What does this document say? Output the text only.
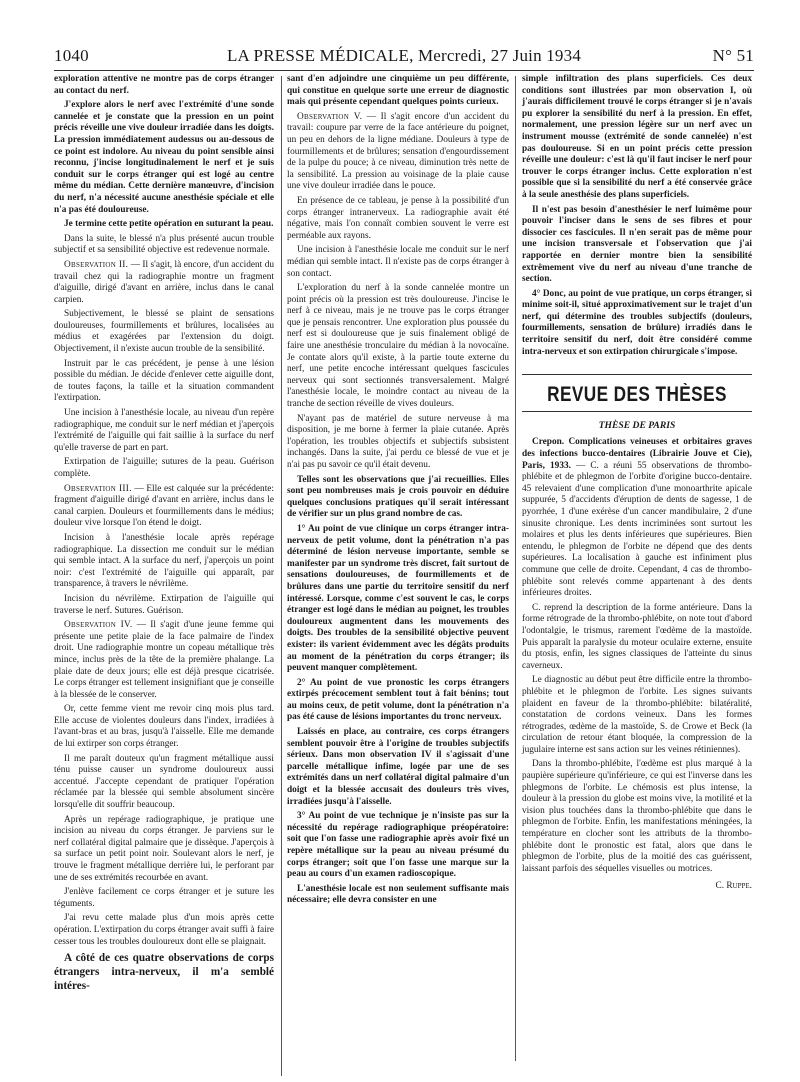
1040	LA PRESSE MÉDICALE, Mercredi, 27 Juin 1934	N° 51

exploration attentive ne montre pas de corps étranger au contact du nerf.

J'explore alors le nerf avec l'extrémité d'une sonde cannelée et je constate que la pression en un point précis réveille une vive douleur irradiée dans les doigts. La pression immédiatement audessus ou au-dessous de ce point est indolore. Au niveau du point sensible ainsi reconnu, j'incise longitudinalement le nerf et je suis conduit sur le corps étranger qui est logé au centre même du médian. Cette dernière manœuvre, d'incision du nerf, n'a nécessité aucune anesthésie spéciale et elle n'a pas été douloureuse.

Je termine cette petite opération en suturant la peau.

Dans la suite, le blessé n'a plus présenté aucun trouble subjectif et sa sensibilité objective est redevenue normale.

Observation II. — Il s'agit, là encore, d'un accident du travail chez qui la radiographie montre un fragment d'aiguille, dirigé d'avant en arrière, inclus dans le canal carpien.

Subjectivement, le blessé se plaint de sensations douloureuses, fourmillements et brûlures, localisées au médius et exagérées par l'extension du doigt. Objectivement, il n'existe aucun trouble de la sensibilité.

Instruit par le cas précédent, je pense à une lésion possible du médian. Je décide d'enlever cette aiguille dont, de toutes façons, la taille et la situation commandent l'extirpation.

Une incision à l'anesthésie locale, au niveau d'un repère radiographique, me conduit sur le nerf médian et j'aperçois l'extrémité de l'aiguille qui fait saillie à la surface du nerf qu'elle traverse de part en part.

Extirpation de l'aiguille; sutures de la peau. Guérison complète.

Observation III. — Elle est calquée sur la précédente: fragment d'aiguille dirigé d'avant en arrière, inclus dans le canal carpien. Douleurs et fourmillements dans le médius; douleur vive lorsque l'on étend le doigt.

Incision à l'anesthésie locale après repérage radiographique. La dissection me conduit sur le médian qui semble intact. A la surface du nerf, j'aperçois un point noir: c'est l'extrémité de l'aiguille qui apparaît, par transparence, à travers le névrilème.

Incision du névrilème. Extirpation de l'aiguille qui traverse le nerf. Sutures. Guérison.

Observation IV. — Il s'agit d'une jeune femme qui présente une petite plaie de la face palmaire de l'index droit. Une radiographie montre un copeau métallique très mince, inclus près de la tête de la première phalange. La plaie date de deux jours; elle est déjà presque cicatrisée. Le corps étranger est tellement insignifiant que je conseille à la blessée de le conserver.

Or, cette femme vient me revoir cinq mois plus tard. Elle accuse de violentes douleurs dans l'index, irradiées à l'avant-bras et au bras, jusqu'à l'aisselle. Elle me demande de lui extirper son corps étranger.

Il me paraît douteux qu'un fragment métallique aussi ténu puisse causer un syndrome douloureux aussi accentué. J'accepte cependant de pratiquer l'opération réclamée par la blessée qui semble absolument sincère lorsqu'elle dit souffrir beaucoup.

Après un repérage radiographique, je pratique une incision au niveau du corps étranger. Je parviens sur le nerf collatéral digital palmaire que je dissèque. J'aperçois à sa surface un petit point noir. Soulevant alors le nerf, je trouve le fragment métallique derrière lui, le perforant par une de ses extrémités recourbée en avant.

J'enlève facilement ce corps étranger et je suture les téguments.

J'ai revu cette malade plus d'un mois après cette opération. L'extirpation du corps étranger avait suffi à faire cesser tous les troubles douloureux dont elle se plaignait.

A côté de ces quatre observations de corps étrangers intra-nerveux, il m'a semblé intéres-

sant d'en adjoindre une cinquième un peu différente, qui constitue en quelque sorte une erreur de diagnostic mais qui présente cependant quelques points curieux.

Observation V. — Il s'agit encore d'un accident du travail: coupure par verre de la face antérieure du poignet, un peu en dehors de la ligne médiane. Douleurs à type de fourmillements et de brûlures; sensation d'engourdissement de la pulpe du pouce; à ce niveau, diminution très nette de la sensibilité. La pression au voisinage de la plaie cause une vive douleur irradiée dans le pouce.

En présence de ce tableau, je pense à la possibilité d'un corps étranger intranerveux. La radiographie avait été négative, mais l'on connaît combien souvent le verre est perméable aux rayons.

Une incision à l'anesthésie locale me conduit sur le nerf médian qui semble intact. Il n'existe pas de corps étranger à son contact.

L'exploration du nerf à la sonde cannelée montre un point précis où la pression est très douloureuse. J'incise le nerf à ce niveau, mais je ne trouve pas le corps étranger que je pensais rencontrer. Une exploration plus poussée du nerf est si douloureuse que je suis finalement obligé de faire une anesthésie tronculaire du médian à la novocaïne. Je contate alors qu'il existe, à la partie toute externe du nerf, une petite encoche intéressant quelques fascicules nerveux qui sont sectionnés transversalement. Malgré l'anesthésie locale, le moindre contact au niveau de la tranche de section réveille de vives douleurs.

N'ayant pas de matériel de suture nerveuse à ma disposition, je me borne à fermer la plaie cutanée. Après l'opération, les troubles objectifs et subjectifs subsistent inchangés. Dans la suite, j'ai perdu ce blessé de vue et je n'ai pas pu savoir ce qu'il était devenu.

Telles sont les observations que j'ai recueillies. Elles sont peu nombreuses mais je crois pouvoir en déduire quelques conclusions pratiques qu'il serait intéressant de vérifier sur un plus grand nombre de cas.

1° Au point de vue clinique un corps étranger intra-nerveux de petit volume, dont la pénétration n'a pas déterminé de lésion nerveuse importante, semble se manifester par un syndrome très discret, fait surtout de sensations douloureuses, de fourmillements et de brûlures dans une partie du territoire sensitif du nerf intéressé. Lorsque, comme c'est souvent le cas, le corps étranger est logé dans le médian au poignet, les troubles douloureux augmentent dans les mouvements des doigts. Des troubles de la sensibilité objective peuvent exister: ils varient évidemment avec les dégâts produits au moment de la pénétration du corps étranger; ils peuvent manquer complètement.

2° Au point de vue pronostic les corps étrangers extirpés précocement semblent tout à fait bénins; tout au moins ceux, de petit volume, dont la pénétration n'a pas été cause de lésions importantes du tronc nerveux.

Laissés en place, au contraire, ces corps étrangers semblent pouvoir être à l'origine de troubles subjectifs sérieux. Dans mon observation IV il s'agissait d'une parcelle métallique infime, logée par une de ses extrémités dans un nerf collatéral digital palmaire d'un doigt et la blessée accusait des douleurs très vives, irradiées jusqu'à l'aisselle.

3° Au point de vue technique je n'insiste pas sur la nécessité du repérage radiographique préopératoire: soit que l'on fasse une radiographie après avoir fixé un repère métallique sur la peau au niveau présumé du corps étranger; soit que l'on fasse une marque sur la peau au cours d'un examen radioscopique.

L'anesthésie locale est non seulement suffisante mais nécessaire; elle devra consister en une

simple infiltration des plans superficiels. Ces deux conditions sont illustrées par mon observation I, où j'aurais difficilement trouvé le corps étranger si je n'avais pu explorer la sensibilité du nerf à la pression. En effet, normalement, une pression légère sur un nerf avec un instrument mousse (extrémité de sonde cannelée) n'est pas douloureuse. Si en un point précis cette pression réveille une douleur: c'est là qu'il faut inciser le nerf pour trouver le corps étranger inclus. Cette exploration n'est possible que si la sensibilité du nerf a été conservée grâce à la seule anesthésie des plans superficiels.

Il n'est pas besoin d'anesthésier le nerf luimême pour pouvoir l'inciser dans le sens de ses fibres et pour dissocier ces fascicules. Il n'en serait pas de même pour une incision transversale et l'observation que j'ai rapportée en dernier montre bien la sensibilité extrêmement vive du nerf au niveau d'une tranche de section.

4° Donc, au point de vue pratique, un corps étranger, si minime soit-il, situé approximativement sur le trajet d'un nerf, qui détermine des troubles subjectifs (douleurs, fourmillements, sensation de brûlure) irradiés dans le territoire sensitif du nerf, doit être considéré comme intra-nerveux et son extirpation chirurgicale s'impose.

REVUE DES THÈSES
THÈSE DE PARIS

Crepon. Complications veineuses et orbitaires graves des infections bucco-dentaires (Librairie Jouve et Cie), Paris, 1933. — C. a réuni 55 observations de thrombo-phlébite et de phlegmon de l'orbite d'origine bucco-dentaire. 45 relevaient d'une complication d'une monoarthrite apicale suppurée, 5 d'accidents d'éruption de dents de sagesse, 1 de pyorrhée, 1 d'une exérèse d'un cancer mandibulaire, 2 d'une sinusite chronique. Les dents incriminées sont surtout les molaires et plus les dents inférieures que supérieures. Bien entendu, le phlegmon de l'orbite ne dépend que des dents supérieures. La localisation à gauche est infiniment plus commune que celle de droite. Cependant, 4 cas de thrombo-phlébite sont relevés comme appartenant à des dents inférieures droites.

C. reprend la description de la forme antérieure. Dans la forme rétrograde de la thrombo-phlébite, on note tout d'abord l'odontalgie, le trismus, rarement l'œdème de la mastoïde. Puis apparaît la paralysie du moteur oculaire externe, ensuite du ptosis, enfin, les signes classiques de l'atteinte du sinus caverneux.

Le diagnostic au début peut être difficile entre la thrombo-phlébite et le phlegmon de l'orbite. Les signes suivants plaident en faveur de la thrombo-phlébite: bilatéralité, constatation de cordons veineux. Dans les formes rétrogrades, œdème de la mastoïde, S. de Crowe et Beck (la circulation de retour étant bloquée, la compression de la jugulaire interne est sans action sur les veines rétiniennes).

Dans la thrombo-phlébite, l'œdème est plus marqué à la paupière supérieure qu'inférieure, ce qui est l'inverse dans les phlegmons de l'orbite. Le chémosis est plus intense, la douleur à la pression du globe est moins vive, la motilité et la vision plus touchées dans la thrombo-phlébite que dans le phlegmon de l'orbite. Enfin, les manifestations méningées, la température en clocher sont les attributs de la thrombo-phlébite dont le pronostic est fatal, alors que dans le phlegmon de l'orbite, plus de la moitié des cas guérissent, laissant parfois des séquelles visuelles ou motrices.

C. Ruppe.
